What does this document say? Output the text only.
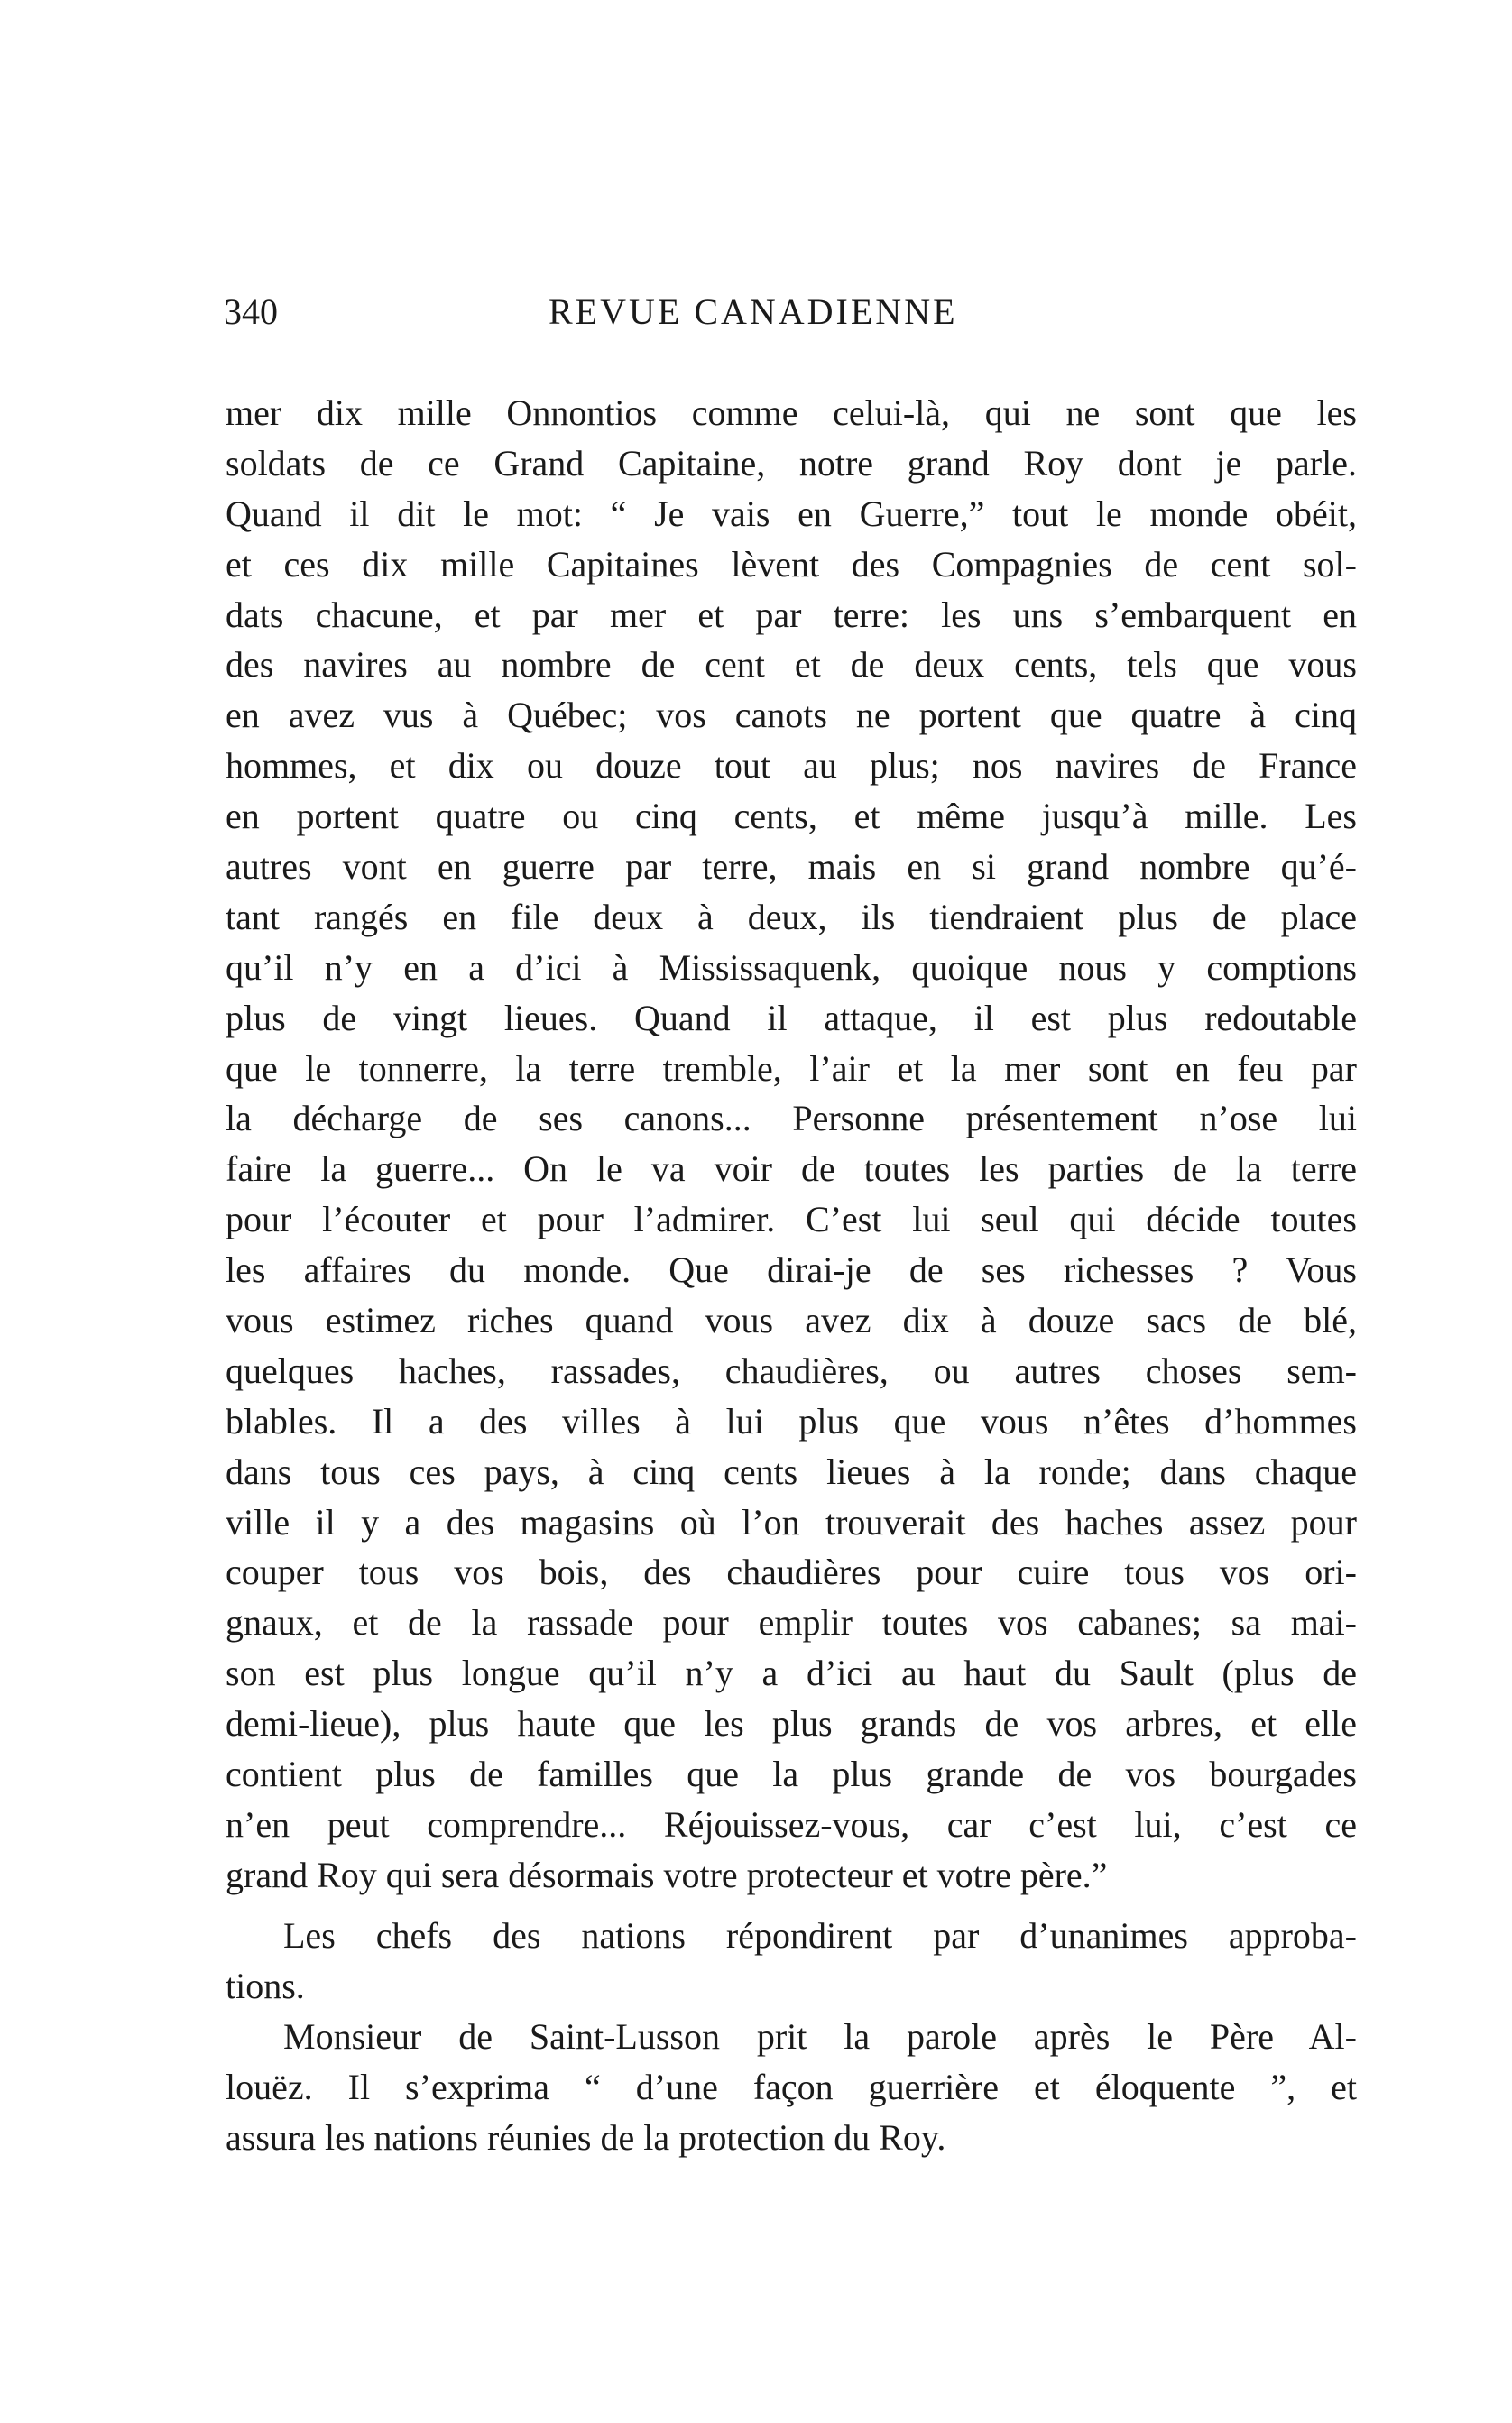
340	REVUE CANADIENNE
mer dix mille Onnontios comme celui-là, qui ne sont que les
soldats de ce Grand Capitaine, notre grand Roy dont je parle.
Quand il dit le mot: “ Je vais en Guerre,” tout le monde obéit,
et ces dix mille Capitaines lèvent des Compagnies de cent sol-
dats chacune, et par mer et par terre: les uns s’embarquent en
des navires au nombre de cent et de deux cents, tels que vous
en avez vus à Québec; vos canots ne portent que quatre à cinq
hommes, et dix ou douze tout au plus; nos navires de France
en portent quatre ou cinq cents, et même jusqu’à mille. Les
autres vont en guerre par terre, mais en si grand nombre qu’é-
tant rangés en file deux à deux, ils tiendraient plus de place
qu’il n’y en a d’ici à Mississaquenk, quoique nous y comptions
plus de vingt lieues. Quand il attaque, il est plus redoutable
que le tonnerre, la terre tremble, l’air et la mer sont en feu par
la décharge de ses canons... Personne présentement n’ose lui
faire la guerre... On le va voir de toutes les parties de la terre
pour l’écouter et pour l’admirer. C’est lui seul qui décide toutes
les affaires du monde. Que dirai-je de ses richesses ? Vous
vous estimez riches quand vous avez dix à douze sacs de blé,
quelques haches, rassades, chaudières, ou autres choses sem-
blables. Il a des villes à lui plus que vous n’êtes d’hommes
dans tous ces pays, à cinq cents lieues à la ronde; dans chaque
ville il y a des magasins où l’on trouverait des haches assez pour
couper tous vos bois, des chaudières pour cuire tous vos ori-
gnaux, et de la rassade pour emplir toutes vos cabanes; sa mai-
son est plus longue qu’il n’y a d’ici au haut du Sault (plus de
demi-lieue), plus haute que les plus grands de vos arbres, et elle
contient plus de familles que la plus grande de vos bourgades
n’en peut comprendre... Réjouissez-vous, car c’est lui, c’est ce
grand Roy qui sera désormais votre protecteur et votre père.”
Les chefs des nations répondirent par d’unanimes approba-
tions.
Monsieur de Saint-Lusson prit la parole après le Père Al-
louëz. Il s’exprima “ d’une façon guerrière et éloquente ”, et
assura les nations réunies de la protection du Roy.
